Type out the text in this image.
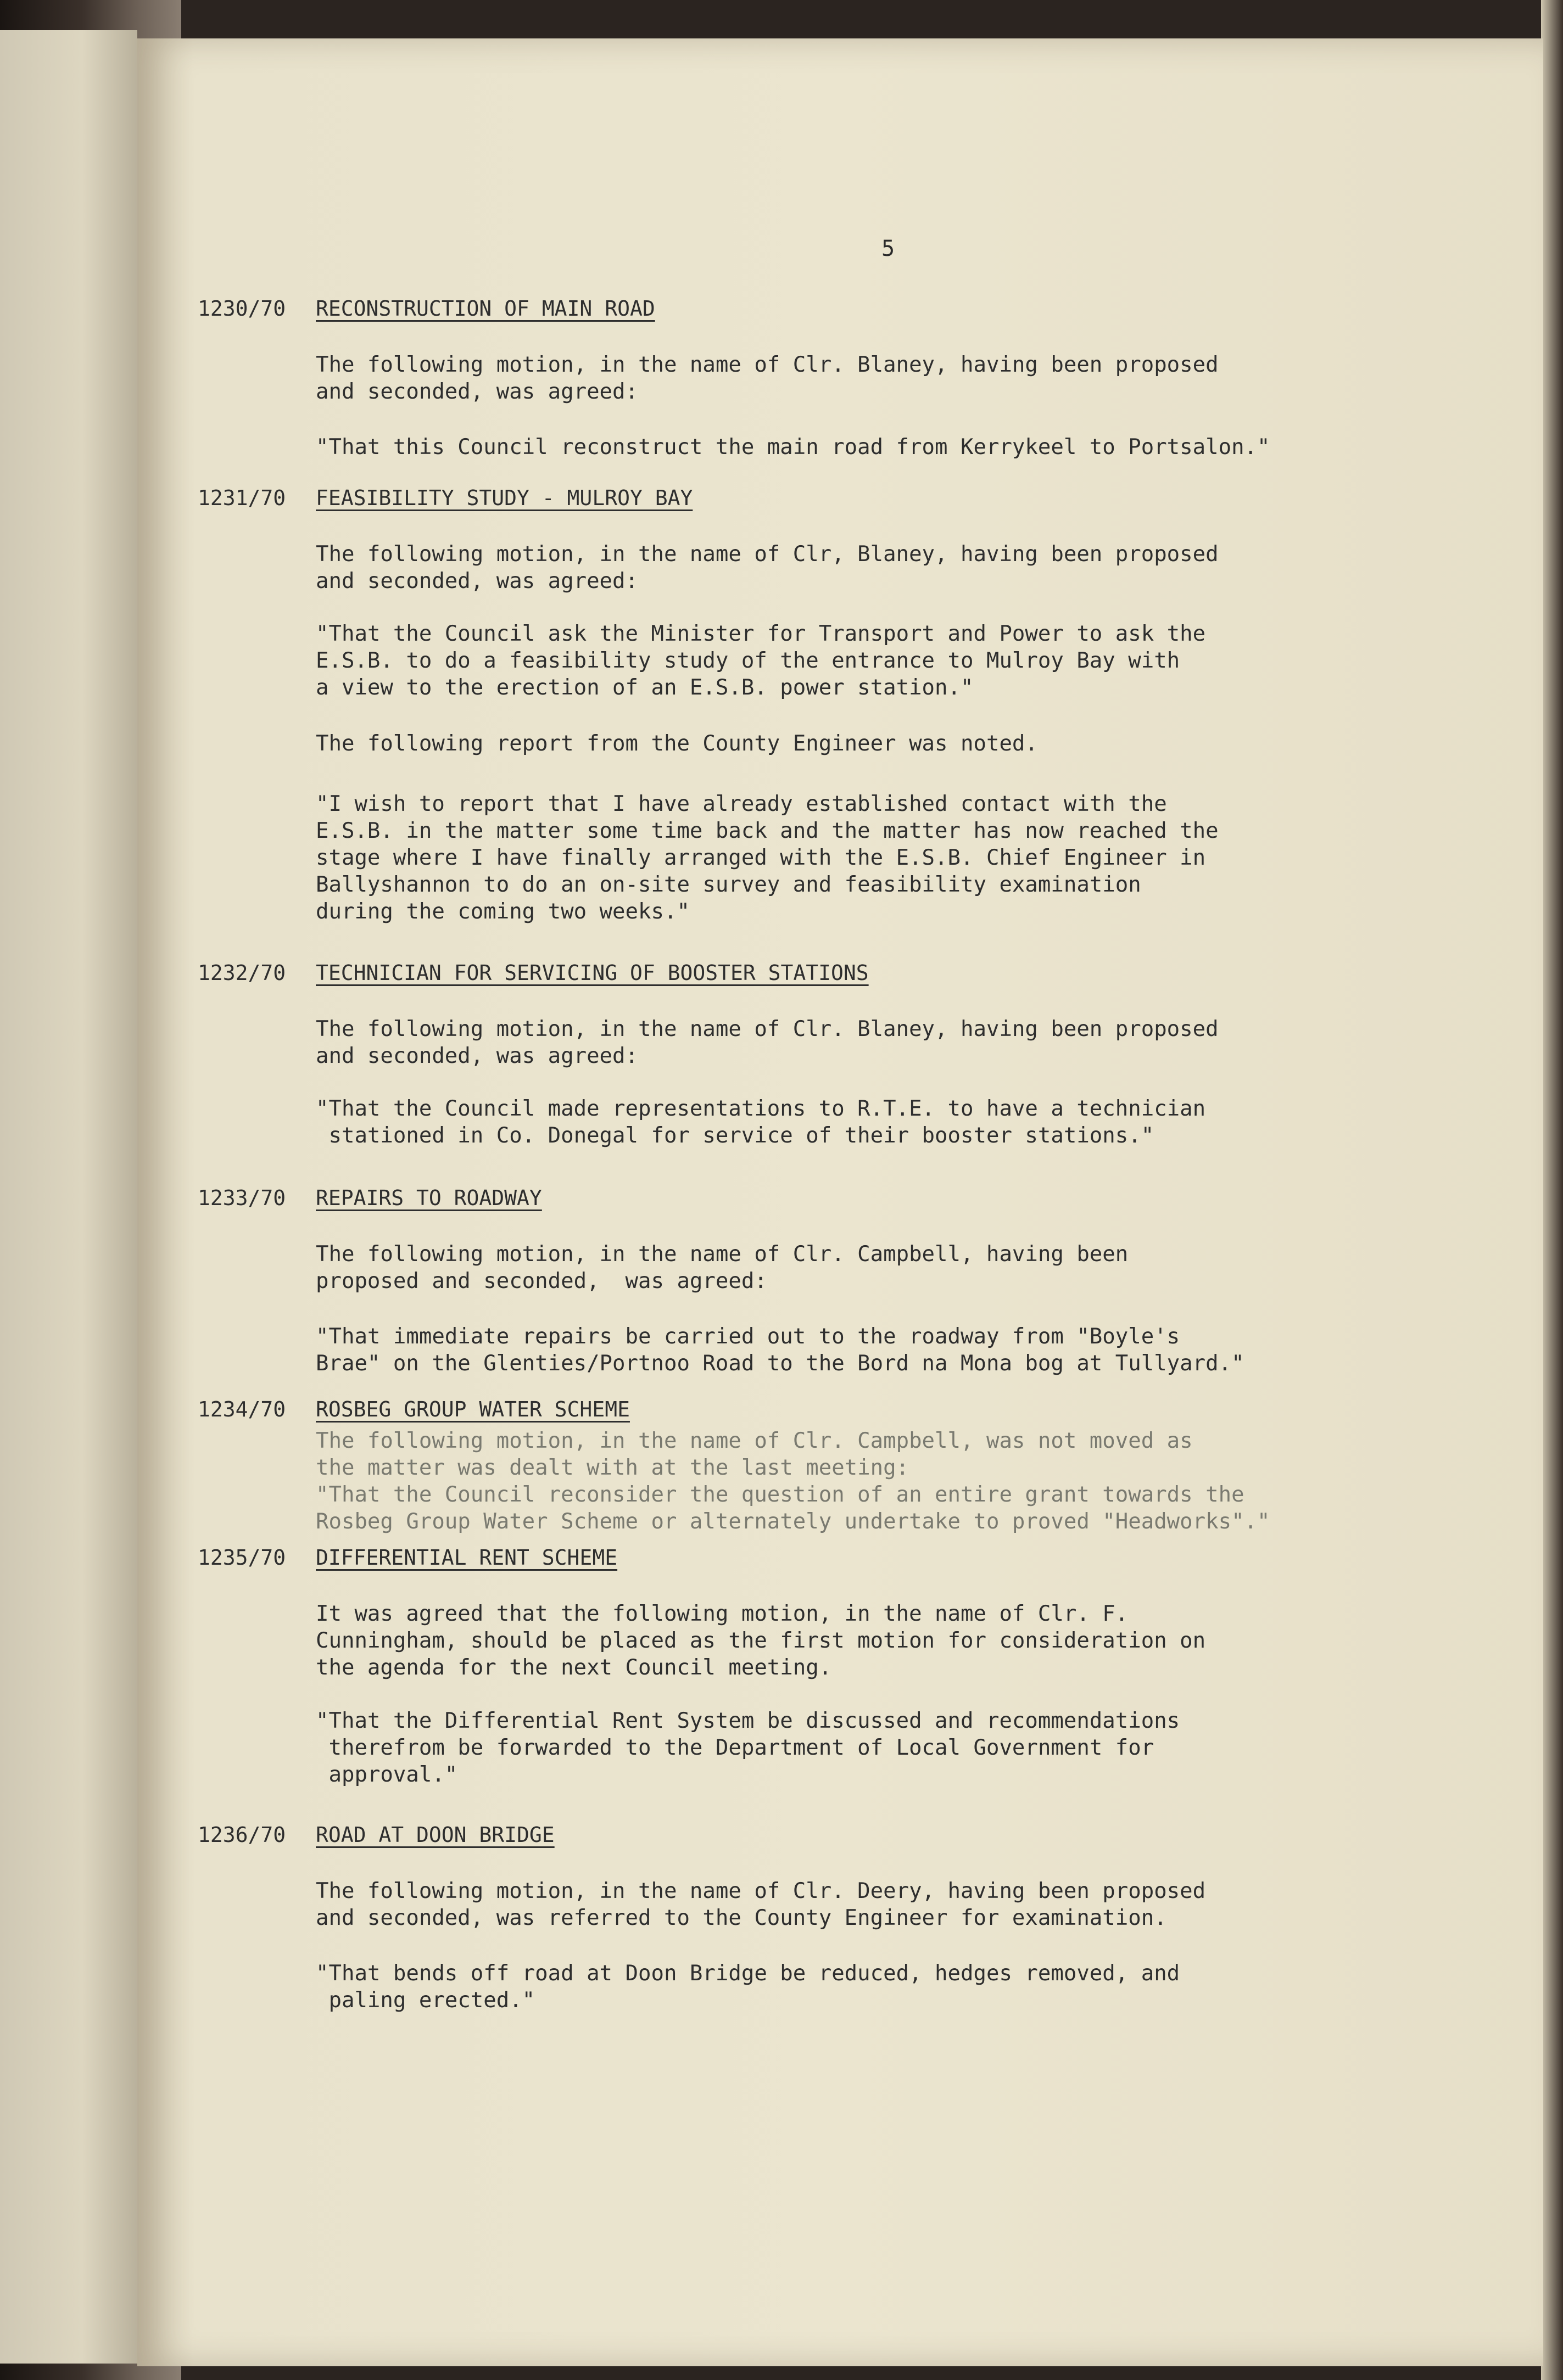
5
1230/70 RECONSTRUCTION OF MAIN ROAD
The following motion, in the name of Clr. Blaney, having been proposed
and seconded, was agreed:
"That this Council reconstruct the main road from Kerrykeel to Portsalon."
1231/70 FEASIBILITY STUDY - MULROY BAY
The following motion, in the name of Clr, Blaney, having been proposed
and seconded, was agreed:
"That the Council ask the Minister for Transport and Power to ask the
E.S.B. to do a feasibility study of the entrance to Mulroy Bay with
a view to the erection of an E.S.B. power station."
The following report from the County Engineer was noted.
"I wish to report that I have already established contact with the
E.S.B. in the matter some time back and the matter has now reached the
stage where I have finally arranged with the E.S.B. Chief Engineer in
Ballyshannon to do an on-site survey and feasibility examination
during the coming two weeks."
1232/70 TECHNICIAN FOR SERVICING OF BOOSTER STATIONS
The following motion, in the name of Clr. Blaney, having been proposed
and seconded, was agreed:
"That the Council made representations to R.T.E. to have a technician
stationed in Co. Donegal for service of their booster stations."
1233/70 REPAIRS TO ROADWAY
The following motion, in the name of Clr. Campbell, having been
proposed and seconded,  was agreed:
"That immediate repairs be carried out to the roadway from "Boyle's
Brae" on the Glenties/Portnoo Road to the Bord na Mona bog at Tullyard."
1234/70 ROSBEG GROUP WATER SCHEME
The following motion, in the name of Clr. Campbell, was not moved as
the matter was dealt with at the last meeting:
"That the Council reconsider the question of an entire grant towards the
Rosbeg Group Water Scheme or alternately undertake to proved "Headworks"."
1235/70 DIFFERENTIAL RENT SCHEME
It was agreed that the following motion, in the name of Clr. F.
Cunningham, should be placed as the first motion for consideration on
the agenda for the next Council meeting.
"That the Differential Rent System be discussed and recommendations
therefrom be forwarded to the Department of Local Government for
approval."
1236/70 ROAD AT DOON BRIDGE
The following motion, in the name of Clr. Deery, having been proposed
and seconded, was referred to the County Engineer for examination.
"That bends off road at Doon Bridge be reduced, hedges removed, and
paling erected."
